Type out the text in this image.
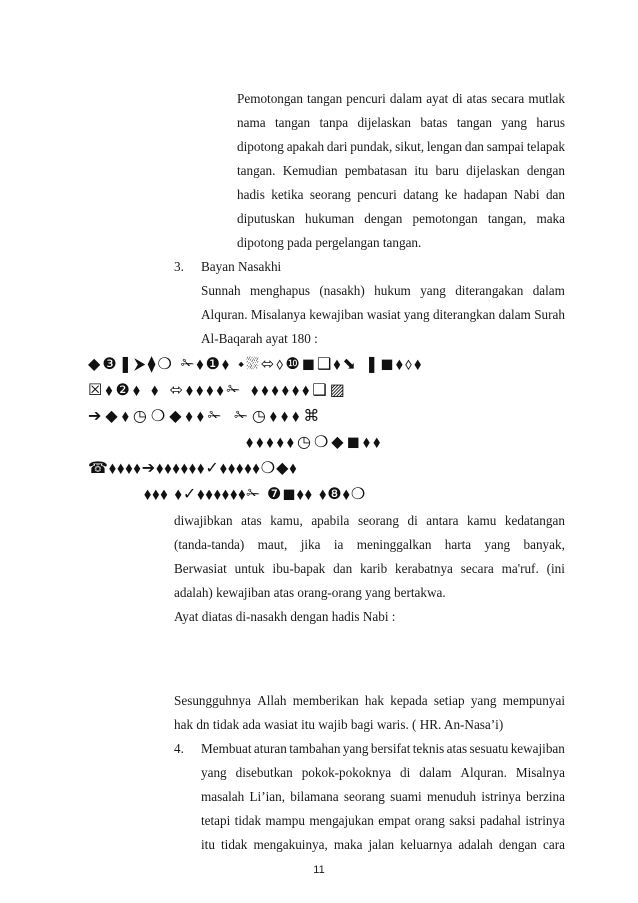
Pemotongan tangan pencuri dalam ayat di atas secara mutlak
nama tangan tanpa dijelaskan batas tangan yang harus
dipotong apakah dari pundak, sikut, lengan dan sampai telapak
tangan. Kemudian pembatasan itu baru dijelaskan dengan
hadis ketika seorang pencuri datang ke hadapan Nabi dan
diputuskan hukuman dengan pemotongan tangan, maka
dipotong pada pergelangan tangan.
3. Bayan Nasakhi
Sunnah menghapus (nasakh) hukum yang diterangakan dalam
Alquran. Misalanya kewajiban wasiat yang diterangkan dalam Surah
Al-Baqarah ayat 180 :
◆❸❚⮞⧫❍ ✁⬧❶⬧ ⬩⛆⬄⬨❿◼❑⬧⬊ ❚◼⬧⬨⬧
☒⬧❷⬧ ⬧ ⬄⬧⬧⬧⬧✁ ⬧⬧⬧⬧⬧⬧❑▨
➔◆⬧◷❍◆⬧⬧✁ ✁◷⬧⬧⬧⌘
⬧⬧⬧⬧⬧◷❍◆◼⬧⬧
☎⬧⬧⬧⬧➔⬧⬧⬧⬧⬧⬧✓⬧⬧⬧⬧⬧❍◆⬧
⬧⬧⬧ ⬧✓⬧⬧⬧⬧⬧⬧✁ ❼◼⬧⬧ ⬧❽⬧❍
diwajibkan atas kamu, apabila seorang di antara kamu kedatangan
(tanda-tanda) maut, jika ia meninggalkan harta yang banyak,
Berwasiat untuk ibu-bapak dan karib kerabatnya secara ma'ruf. (ini
adalah) kewajiban atas orang-orang yang bertakwa.
Ayat diatas di-nasakh dengan hadis Nabi :
Sesungguhnya Allah memberikan hak kepada setiap yang mempunyai
hak dn tidak ada wasiat itu wajib bagi waris. ( HR. An-Nasa’i)
4. Membuat aturan tambahan yang bersifat teknis atas sesuatu kewajiban
yang disebutkan pokok-pokoknya di dalam Alquran. Misalnya
masalah Li’ian, bilamana seorang suami menuduh istrinya berzina
tetapi tidak mampu mengajukan empat orang saksi padahal istrinya
itu tidak mengakuinya, maka jalan keluarnya adalah dengan cara
11
